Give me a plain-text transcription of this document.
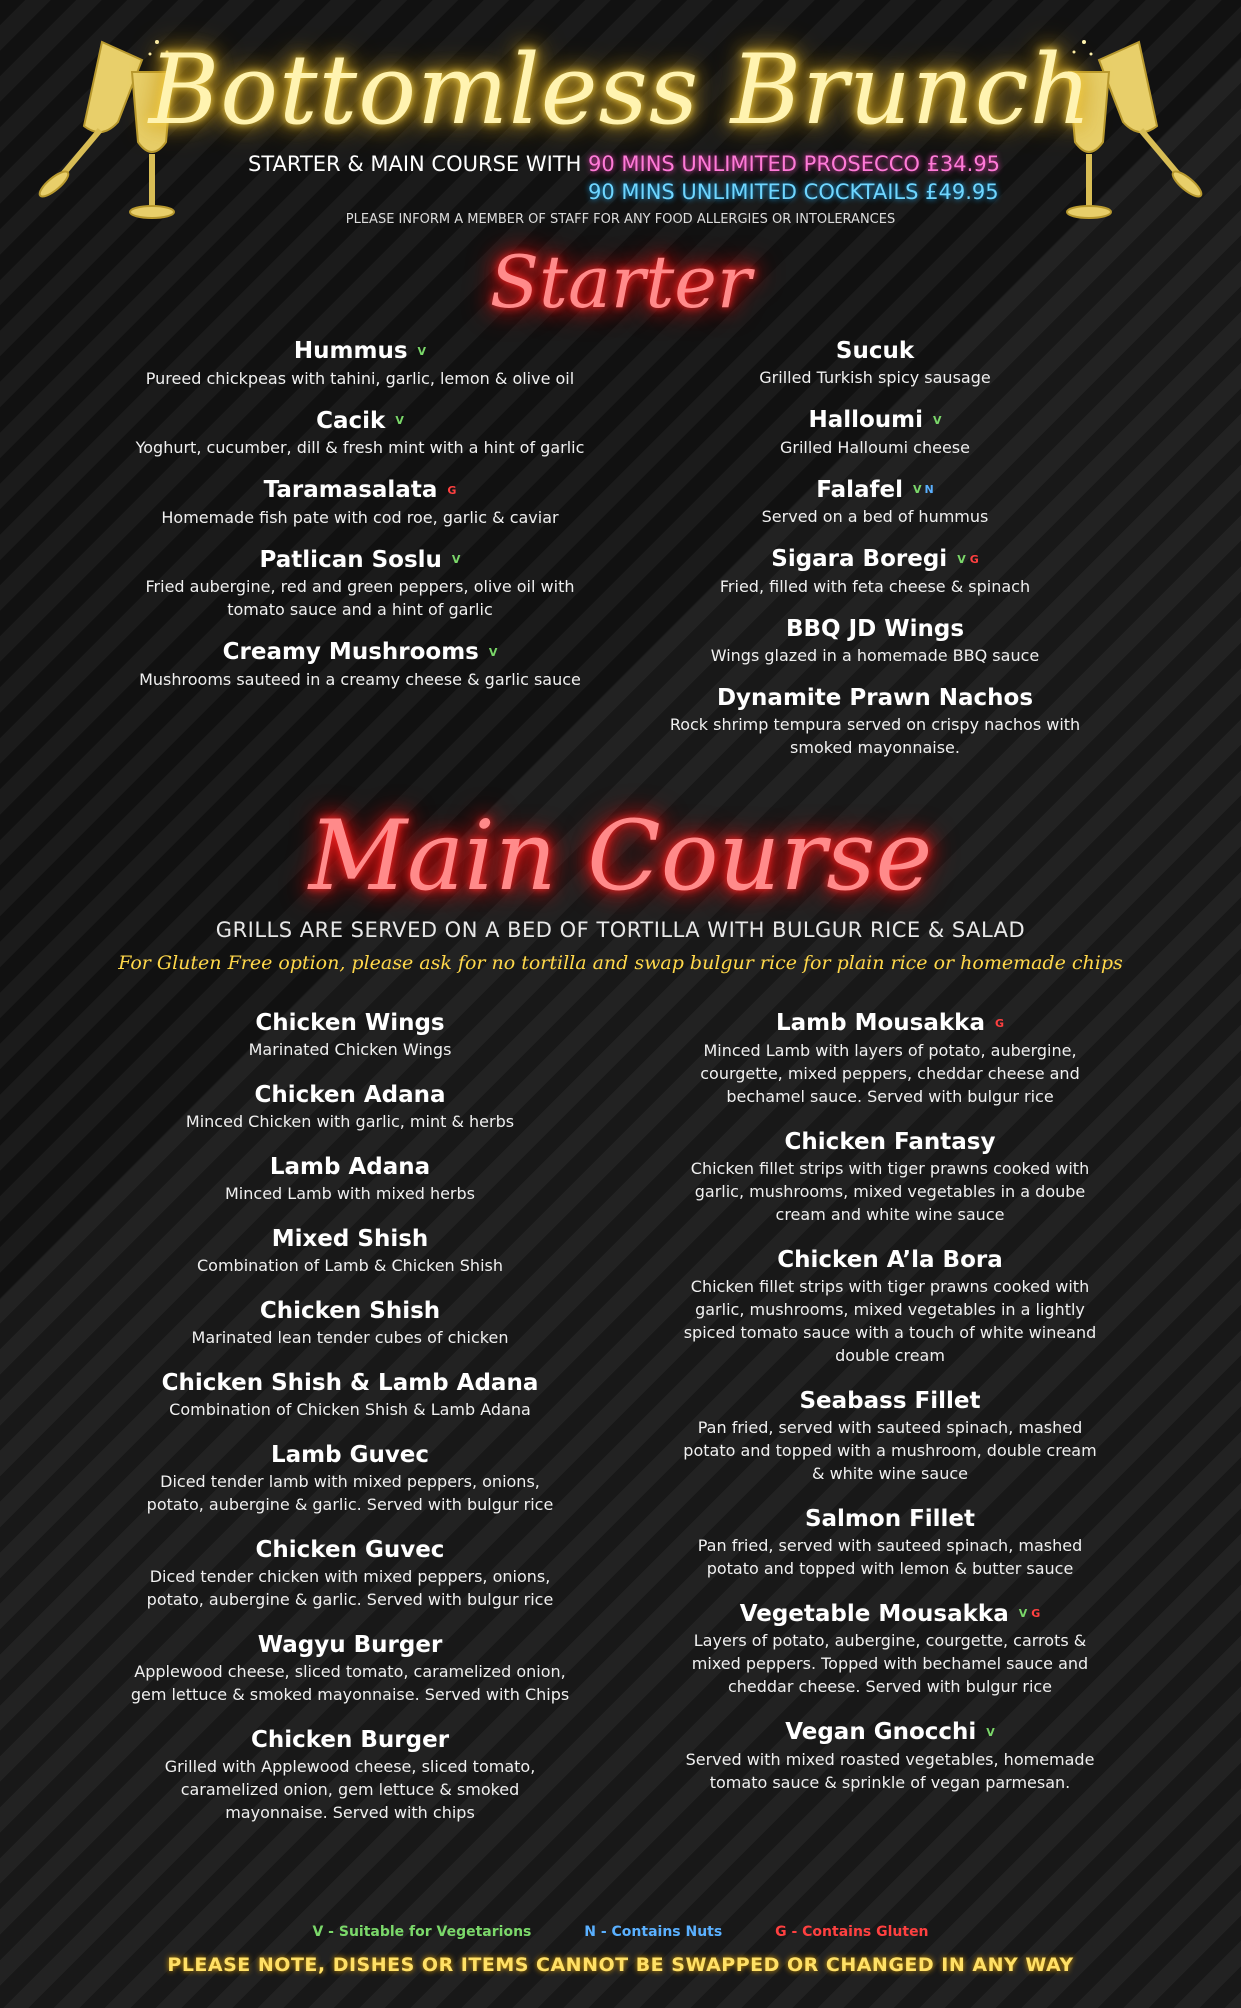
Bottomless Brunch
STARTER & MAIN COURSE WITH 90 MINS UNLIMITED PROSECCO £34.95
90 MINS UNLIMITED COCKTAILS £49.95
PLEASE INFORM A MEMBER OF STAFF FOR ANY FOOD ALLERGIES OR INTOLERANCES
Starter
Hummus V
Pureed chickpeas with tahini, garlic, lemon & olive oil
Cacik V
Yoghurt, cucumber, dill & fresh mint with a hint of garlic
Taramasalata G
Homemade fish pate with cod roe, garlic & caviar
Patlican Soslu V
Fried aubergine, red and green peppers, olive oil with tomato sauce and a hint of garlic
Creamy Mushrooms V
Mushrooms sauteed in a creamy cheese & garlic sauce
Sucuk
Grilled Turkish spicy sausage
Halloumi V
Grilled Halloumi cheese
Falafel V N
Served on a bed of hummus
Sigara Boregi V G
Fried, filled with feta cheese & spinach
BBQ JD Wings
Wings glazed in a homemade BBQ sauce
Dynamite Prawn Nachos
Rock shrimp tempura served on crispy nachos with smoked mayonnaise.
Main Course
GRILLS ARE SERVED ON A BED OF TORTILLA WITH BULGUR RICE & SALAD
For Gluten Free option, please ask for no tortilla and swap bulgur rice for plain rice or homemade chips
Chicken Wings
Marinated Chicken Wings
Chicken Adana
Minced Chicken with garlic, mint & herbs
Lamb Adana
Minced Lamb with mixed herbs
Mixed Shish
Combination of Lamb & Chicken Shish
Chicken Shish
Marinated lean tender cubes of chicken
Chicken Shish & Lamb Adana
Combination of Chicken Shish & Lamb Adana
Lamb Guvec
Diced tender lamb with mixed peppers, onions, potato, aubergine & garlic. Served with bulgur rice
Chicken Guvec
Diced tender chicken with mixed peppers, onions, potato, aubergine & garlic. Served with bulgur rice
Wagyu Burger
Applewood cheese, sliced tomato, caramelized onion, gem lettuce & smoked mayonnaise. Served with Chips
Chicken Burger
Grilled with Applewood cheese, sliced tomato, caramelized onion, gem lettuce & smoked mayonnaise. Served with chips
Lamb Mousakka G
Minced Lamb with layers of potato, aubergine, courgette, mixed peppers, cheddar cheese and bechamel sauce. Served with bulgur rice
Chicken Fantasy
Chicken fillet strips with tiger prawns cooked with garlic, mushrooms, mixed vegetables in a doube cream and white wine sauce
Chicken A’la Bora
Chicken fillet strips with tiger prawns cooked with garlic, mushrooms, mixed vegetables in a lightly spiced tomato sauce with a touch of white wineand double cream
Seabass Fillet
Pan fried, served with sauteed spinach, mashed potato and topped with a mushroom, double cream & white wine sauce
Salmon Fillet
Pan fried, served with sauteed spinach, mashed potato and topped with lemon & butter sauce
Vegetable Mousakka V G
Layers of potato, aubergine, courgette, carrots & mixed peppers. Topped with bechamel sauce and cheddar cheese. Served with bulgur rice
Vegan Gnocchi V
Served with mixed roasted vegetables, homemade tomato sauce & sprinkle of vegan parmesan.
V - Suitable for Vegetarions	N - Contains Nuts	G - Contains Gluten
PLEASE NOTE, DISHES OR ITEMS CANNOT BE SWAPPED OR CHANGED IN ANY WAY
